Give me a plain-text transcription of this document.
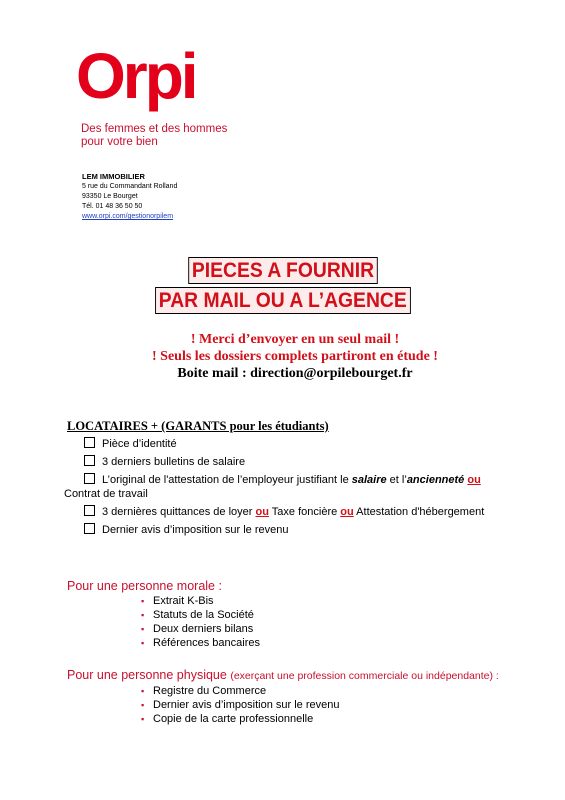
Orpi
Des femmes et des hommes
pour votre bien
LEM IMMOBILIER
5 rue du Commandant Rolland
93350 Le Bourget
Tél. 01 48 36 50 50
www.orpi.com/gestionorpilem
PIECES A FOURNIR
PAR MAIL OU A L’AGENCE
! Merci d’envoyer en un seul mail !
! Seuls les dossiers complets partiront en étude !
Boite mail : direction@orpilebourget.fr
LOCATAIRES + (GARANTS pour les étudiants)
Pièce d’identité
3 derniers bulletins de salaire
L’original de l'attestation de l’employeur justifiant le salaire et l’ancienneté ou
Contrat de travail
3 dernières quittances de loyer ou Taxe foncière ou Attestation d'hébergement
Dernier avis d’imposition sur le revenu
Pour une personne morale :
▪ Extrait K-Bis
▪ Statuts de la Société
▪ Deux derniers bilans
▪ Références bancaires
Pour une personne physique (exerçant une profession commerciale ou indépendante) :
▪ Registre du Commerce
▪ Dernier avis d’imposition sur le revenu
▪ Copie de la carte professionnelle
